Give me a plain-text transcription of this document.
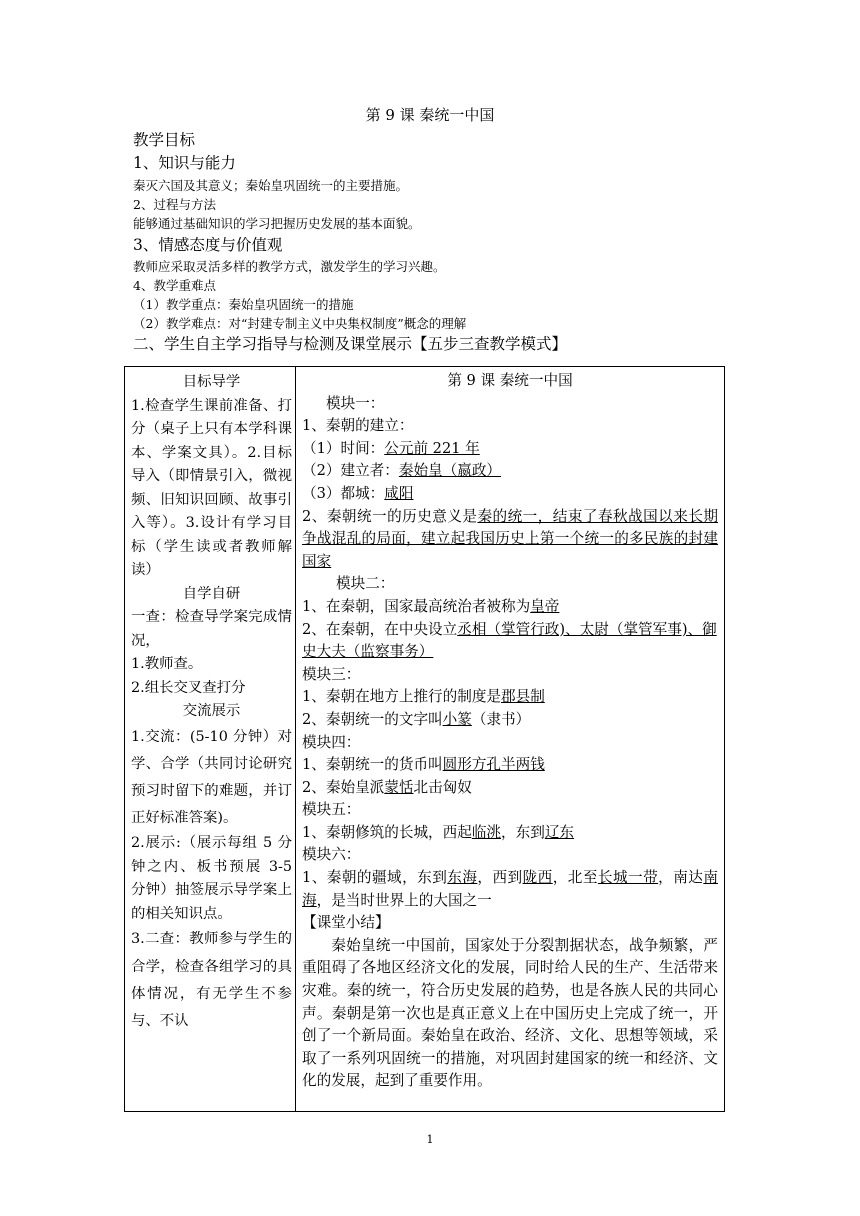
第 9 课 秦统一中国
教学目标
1、知识与能力
秦灭六国及其意义；秦始皇巩固统一的主要措施。
2、过程与方法
能够通过基础知识的学习把握历史发展的基本面貌。
3、情感态度与价值观
教师应采取灵活多样的教学方式，激发学生的学习兴趣。
4、教学重难点
（1）教学重点：秦始皇巩固统一的措施
（2）教学难点：对“封建专制主义中央集权制度”概念的理解
二、学生自主学习指导与检测及课堂展示【五步三查教学模式】

目标导学

1.检查学生课前准备、打分（桌子上只有本学科课本、学案文具）。2.目标导入（即情景引入，微视频、旧知识回顾、故事引入等）。3.设计有学习目标（学生读或者教师解读）

自学自研

一查：检查导学案完成情况，

1.教师查。

2.组长交叉查打分

交流展示

1.交流：(5-10 分钟）对学、合学（共同讨论研究预习时留下的难题，并订正好标准答案)。

2.展示:（展示每组 5 分钟之内、板书预展 3-5 分钟）抽签展示导学案上的相关知识点。

3.二查：教师参与学生的合学，检查各组学习的具体情况，有无学生不参与、不认

第 9 课 秦统一中国

模块一：

1、秦朝的建立：

（1）时间：公元前 221 年

（2）建立者：秦始皇（嬴政）

（3）都城：咸阳

2、秦朝统一的历史意义是秦的统一，结束了春秋战国以来长期争战混乱的局面，建立起我国历史上第一个统一的多民族的封建国家

模块二：

1、在秦朝，国家最高统治者被称为皇帝

2、在秦朝，在中央设立丞相（掌管行政)、太尉（掌管军事)、御史大夫（监察事务）

模块三：

1、秦朝在地方上推行的制度是郡县制

2、秦朝统一的文字叫小篆（隶书）

模块四：

1、秦朝统一的货币叫圆形方孔半两钱

2、秦始皇派蒙恬北击匈奴

模块五：

1、秦朝修筑的长城，西起临洮，东到辽东

模块六：

1、秦朝的疆域，东到东海，西到陇西，北至长城一带，南达南海，是当时世界上的大国之一

【课堂小结】

秦始皇统一中国前，国家处于分裂割据状态，战争频繁，严重阻碍了各地区经济文化的发展，同时给人民的生产、生活带来灾难。秦的统一，符合历史发展的趋势，也是各族人民的共同心声。秦朝是第一次也是真正意义上在中国历史上完成了统一，开创了一个新局面。秦始皇在政治、经济、文化、思想等领域，采取了一系列巩固统一的措施，对巩固封建国家的统一和经济、文化的发展，起到了重要作用。

1
